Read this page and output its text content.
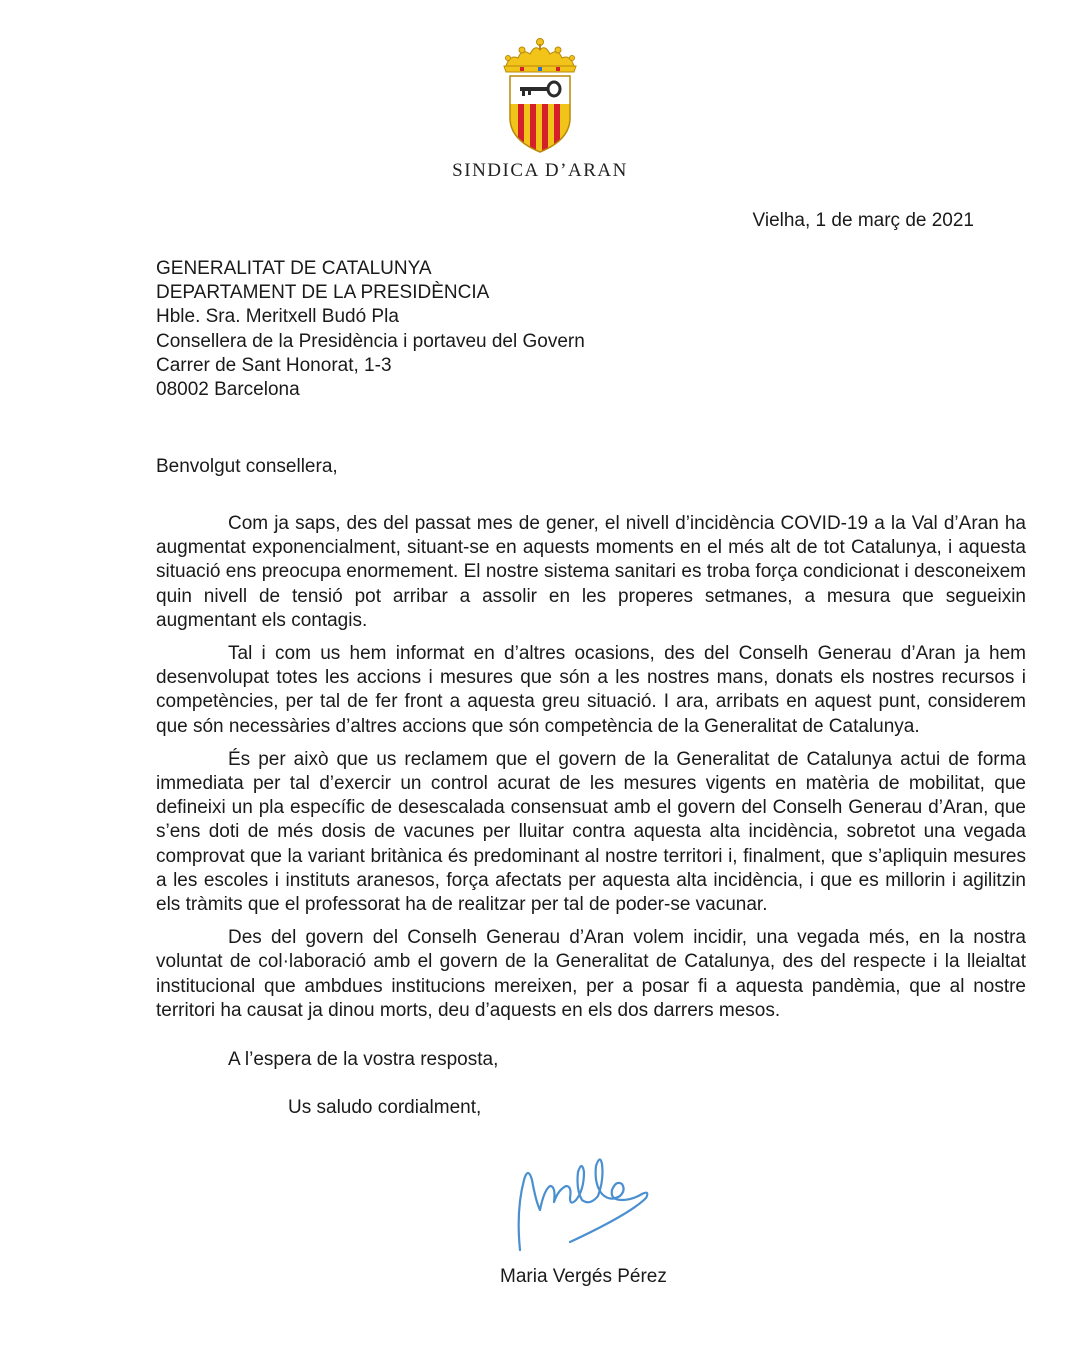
SINDICA D’ARAN
Vielha, 1 de març de 2021
GENERALITAT DE CATALUNYA
DEPARTAMENT DE LA PRESIDÈNCIA
Hble. Sra. Meritxell Budó Pla
Consellera de la Presidència i portaveu del Govern
Carrer de Sant Honorat, 1-3
08002 Barcelona
Benvolgut consellera,

Com ja saps, des del passat mes de gener, el nivell d’incidència COVID-19 a la Val d’Aran ha augmentat exponencialment, situant-se en aquests moments en el més alt de tot Catalunya, i aquesta situació ens preocupa enormement. El nostre sistema sanitari es troba força condicionat i desconeixem quin nivell de tensió pot arribar a assolir en les properes setmanes, a mesura que segueixin augmentant els contagis.

Tal i com us hem informat en d’altres ocasions, des del Conselh Generau d’Aran ja hem desenvolupat totes les accions i mesures que són a les nostres mans, donats els nostres recursos i competències, per tal de fer front a aquesta greu situació. I ara, arribats en aquest punt, considerem que són necessàries d’altres accions que són competència de la Generalitat de Catalunya.

És per això que us reclamem que el govern de la Generalitat de Catalunya actui de forma immediata per tal d’exercir un control acurat de les mesures vigents en matèria de mobilitat, que defineixi un pla específic de desescalada consensuat amb el govern del Conselh Generau d’Aran, que s’ens doti de més dosis de vacunes per lluitar contra aquesta alta incidència, sobretot una vegada comprovat que la variant britànica és predominant al nostre territori i, finalment, que s’apliquin mesures a les escoles i instituts aranesos, força afectats per aquesta alta incidència, i que es millorin i agilitzin els tràmits que el professorat ha de realitzar per tal de poder-se vacunar.

Des del govern del Conselh Generau d’Aran volem incidir, una vegada més, en la nostra voluntat de col·laboració amb el govern de la Generalitat de Catalunya, des del respecte i la lleialtat institucional que ambdues institucions mereixen, per a posar fi a aquesta pandèmia, que al nostre territori ha causat ja dinou morts, deu d’aquests en els dos darrers mesos.

A l’espera de la vostra resposta,
Us saludo cordialment,
Maria Vergés Pérez
